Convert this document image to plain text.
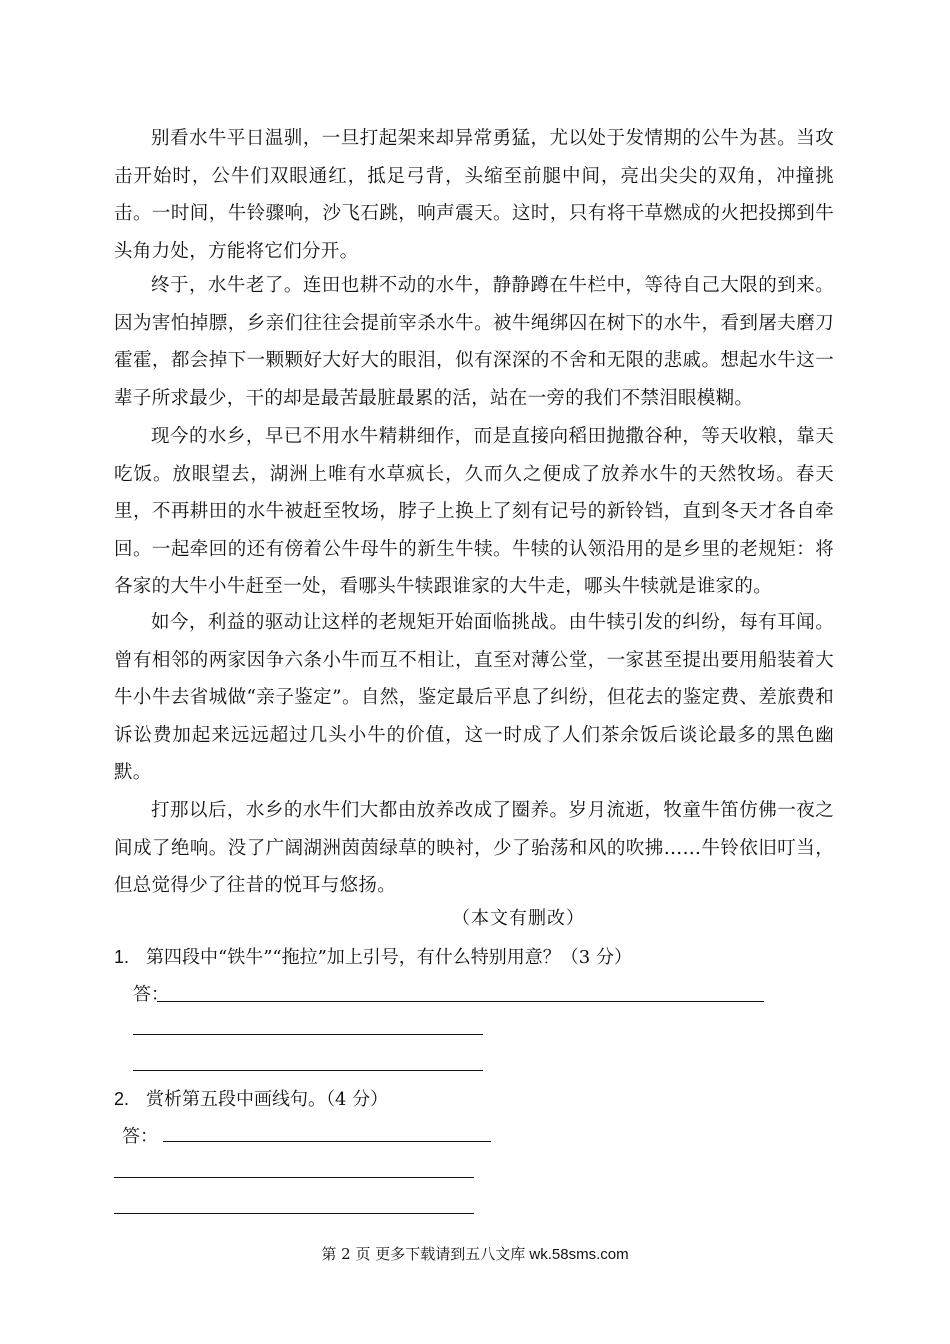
别看水牛平日温驯，一旦打起架来却异常勇猛，尤以处于发情期的公牛为甚。当攻击开始时，公牛们双眼通红，抵足弓背，头缩至前腿中间，亮出尖尖的双角，冲撞挑击。一时间，牛铃骤响，沙飞石跳，响声震天。这时，只有将干草燃成的火把投掷到牛头角力处，方能将它们分开。

终于，水牛老了。连田也耕不动的水牛，静静蹲在牛栏中，等待自己大限的到来。因为害怕掉膘，乡亲们往往会提前宰杀水牛。被牛绳绑囚在树下的水牛，看到屠夫磨刀霍霍，都会掉下一颗颗好大好大的眼泪，似有深深的不舍和无限的悲戚。想起水牛这一辈子所求最少，干的却是最苦最脏最累的活，站在一旁的我们不禁泪眼模糊。

现今的水乡，早已不用水牛精耕细作，而是直接向稻田抛撒谷种，等天收粮，靠天吃饭。放眼望去，湖洲上唯有水草疯长，久而久之便成了放养水牛的天然牧场。春天里，不再耕田的水牛被赶至牧场，脖子上换上了刻有记号的新铃铛，直到冬天才各自牵回。一起牵回的还有傍着公牛母牛的新生牛犊。牛犊的认领沿用的是乡里的老规矩：将各家的大牛小牛赶至一处，看哪头牛犊跟谁家的大牛走，哪头牛犊就是谁家的。

如今，利益的驱动让这样的老规矩开始面临挑战。由牛犊引发的纠纷，每有耳闻。曾有相邻的两家因争六条小牛而互不相让，直至对薄公堂，一家甚至提出要用船装着大牛小牛去省城做“亲子鉴定”。自然，鉴定最后平息了纠纷，但花去的鉴定费、差旅费和诉讼费加起来远远超过几头小牛的价值，这一时成了人们茶余饭后谈论最多的黑色幽默。

打那以后，水乡的水牛们大都由放养改成了圈养。岁月流逝，牧童牛笛仿佛一夜之间成了绝响。没了广阔湖洲茵茵绿草的映衬，少了骀荡和风的吹拂……牛铃依旧叮当，但总觉得少了往昔的悦耳与悠扬。

（本文有删改）
1. 第四段中“铁牛”“拖拉”加上引号，有什么特别用意？（3 分）
答：
2. 赏析第五段中画线句。（4 分）
答：
第 2 页 更多下载请到五八文库 wk.58sms.com
